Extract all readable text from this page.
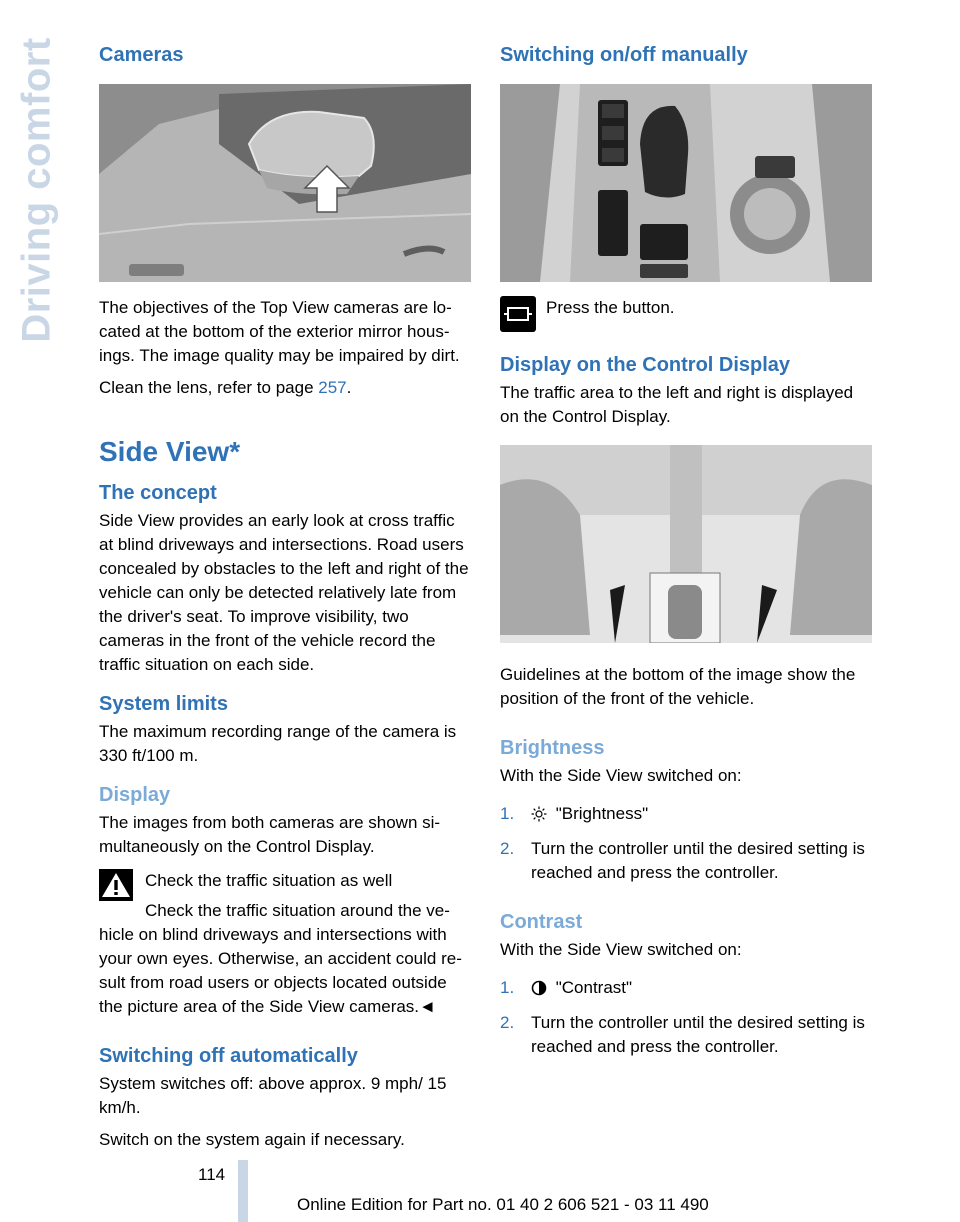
Driving comfort Cameras

The objectives of the Top View cameras are located at the bottom of the exterior mirror housings. The image quality may be impaired by dirt.

Clean the lens, refer to page 257.

Side View*
The concept

Side View provides an early look at cross traffic at blind driveways and intersections. Road users concealed by obstacles to the left and right of the vehicle can only be detected relatively late from the driver's seat. To improve visibility, two cameras in the front of the vehicle record the traffic situation on each side.

System limits

The maximum recording range of the camera is 330 ft/100 m.

Display

The images from both cameras are shown simultaneously on the Control Display.

Check the traffic situation as well

Check the traffic situation around the vehicle on blind driveways and intersections with your own eyes. Otherwise, an accident could result from road users or objects located outside the picture area of the Side View cameras.◄

Switching off automatically

System switches off: above approx. 9 mph/ 15 km/h.

Switch on the system again if necessary.

Switching on/off manually

Press the button.

Display on the Control Display

The traffic area to the left and right is displayed on the Control Display.

Guidelines at the bottom of the image show the position of the front of the vehicle.

Brightness

With the Side View switched on:

1. "Brightness"
2. Turn the controller until the desired setting is reached and press the controller.
Contrast

With the Side View switched on:

1. "Contrast"
2. Turn the controller until the desired setting is reached and press the controller.
114
Online Edition for Part no. 01 40 2 606 521 - 03 11 490
